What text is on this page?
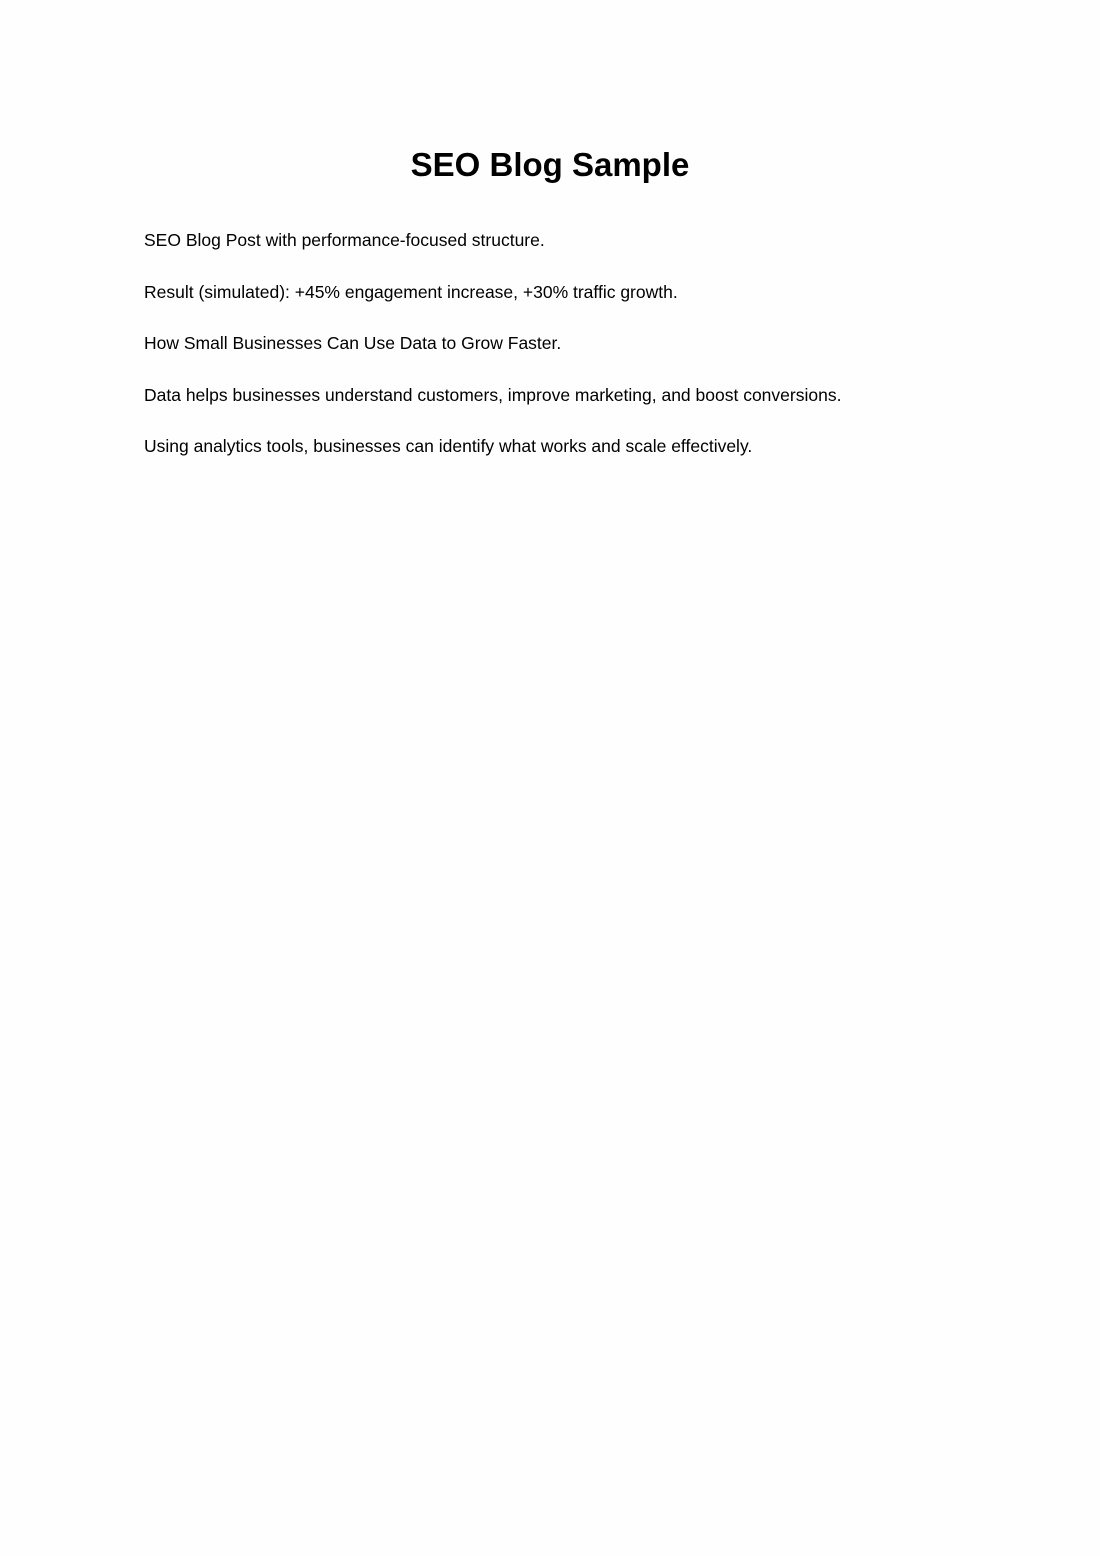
SEO Blog Sample

SEO Blog Post with performance-focused structure.

Result (simulated): +45% engagement increase, +30% traffic growth.

How Small Businesses Can Use Data to Grow Faster.

Data helps businesses understand customers, improve marketing, and boost conversions.

Using analytics tools, businesses can identify what works and scale effectively.
